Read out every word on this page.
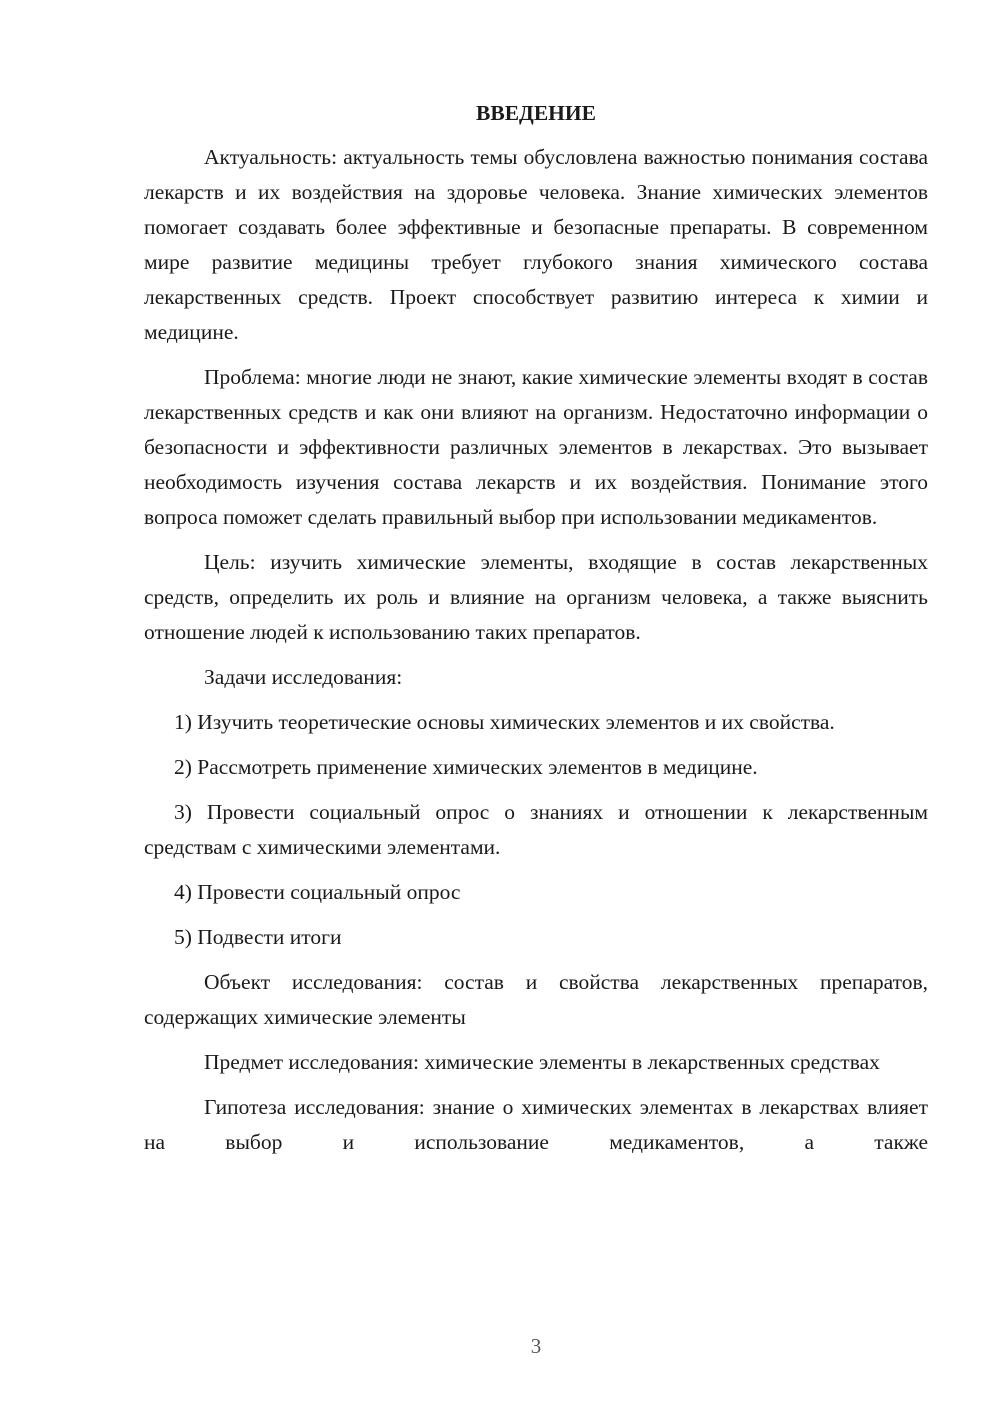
ВВЕДЕНИЕ

Актуальность: актуальность темы обусловлена важностью понимания состава лекарств и их воздействия на здоровье человека. Знание химических элементов помогает создавать более эффективные и безопасные препараты. В современном мире развитие медицины требует глубокого знания химического состава лекарственных средств. Проект способствует развитию интереса к химии и медицине.

Проблема: многие люди не знают, какие химические элементы входят в состав лекарственных средств и как они влияют на организм. Недостаточно информации о безопасности и эффективности различных элементов в лекарствах. Это вызывает необходимость изучения состава лекарств и их воздействия. Понимание этого вопроса поможет сделать правильный выбор при использовании медикаментов.

Цель: изучить химические элементы, входящие в состав лекарственных средств, определить их роль и влияние на организм человека, а также выяснить отношение людей к использованию таких препаратов.

Задачи исследования:

1) Изучить теоретические основы химических элементов и их свойства.

2) Рассмотреть применение химических элементов в медицине.

3) Провести социальный опрос о знаниях и отношении к лекарственным средствам с химическими элементами.

4) Провести социальный опрос

5) Подвести итоги

Объект исследования: состав и свойства лекарственных препаратов, содержащих химические элементы

Предмет исследования: химические элементы в лекарственных средствах

Гипотеза исследования: знание о химических элементах в лекарствах влияет на выбор и использование медикаментов, а также

3
